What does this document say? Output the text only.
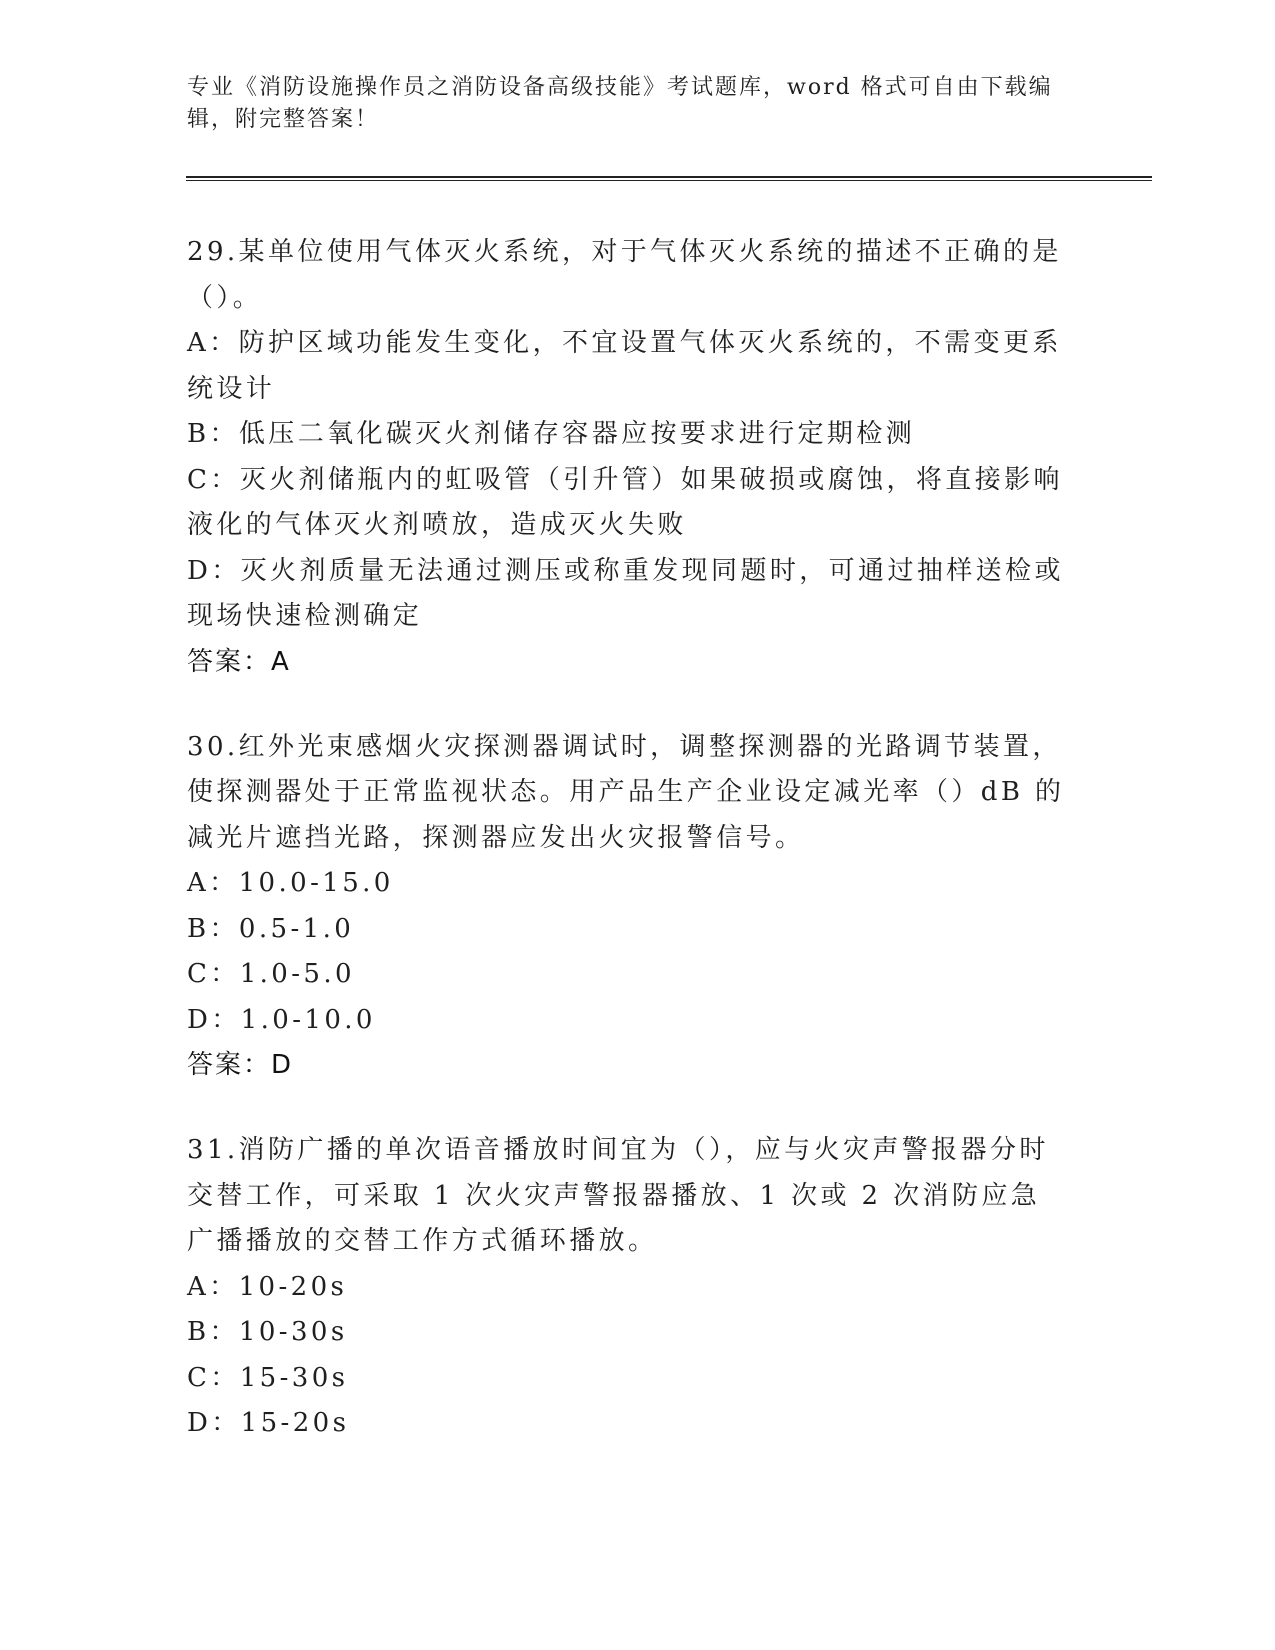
专业《消防设施操作员之消防设备高级技能》考试题库，word 格式可自由下载编辑，附完整答案！
29.某单位使用气体灭火系统，对于气体灭火系统的描述不正确的是（）。
A：防护区域功能发生变化，不宜设置气体灭火系统的，不需变更系统设计
B：低压二氧化碳灭火剂储存容器应按要求进行定期检测
C：灭火剂储瓶内的虹吸管（引升管）如果破损或腐蚀，将直接影响液化的气体灭火剂喷放，造成灭火失败
D：灭火剂质量无法通过测压或称重发现同题时，可通过抽样送检或现场快速检测确定
答案：A
30.红外光束感烟火灾探测器调试时，调整探测器的光路调节装置，使探测器处于正常监视状态。用产品生产企业设定减光率（）dB 的减光片遮挡光路，探测器应发出火灾报警信号。
A：10.0-15.0
B：0.5-1.0
C：1.0-5.0
D：1.0-10.0
答案：D
31.消防广播的单次语音播放时间宜为（），应与火灾声警报器分时交替工作，可采取 1 次火灾声警报器播放、1 次或 2 次消防应急广播播放的交替工作方式循环播放。
A：10-20s
B：10-30s
C：15-30s
D：15-20s
